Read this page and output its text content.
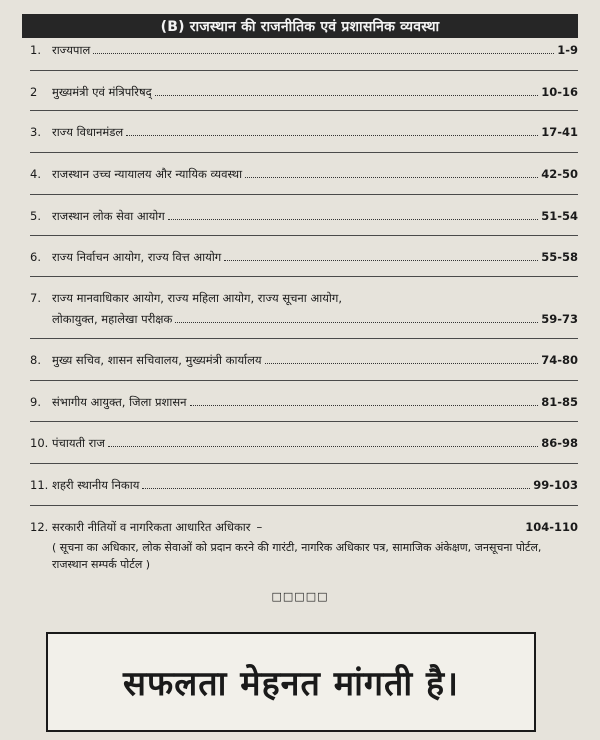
(B) राजस्थान की राजनीतिक एवं प्रशासनिक व्यवस्था
1. राज्यपाल	1-9
2	मुख्यमंत्री एवं मंत्रिपरिषद्	10-16
3. राज्य विधानमंडल	17-41
4. राजस्थान उच्च न्यायालय और न्यायिक व्यवस्था	42-50
5. राजस्थान लोक सेवा आयोग	51-54
6. राज्य निर्वाचन आयोग, राज्य वित्त आयोग	55-58
7. राज्य मानवाधिकार आयोग, राज्य महिला आयोग, राज्य सूचना आयोग,
लोकायुक्त, महालेखा परीक्षक	59-73
8. मुख्य सचिव, शासन सचिवालय, मुख्यमंत्री कार्यालय	74-80
9. संभागीय आयुक्त, जिला प्रशासन	81-85
10. पंचायती राज	86-98
11. शहरी स्थानीय निकाय	99-103
12. सरकारी नीतियों व नागरिकता आधारित अधिकार –	104-110
( सूचना का अधिकार, लोक सेवाओं को प्रदान करने की गारंटी, नागरिक अधिकार पत्र, सामाजिक अंकेक्षण, जनसूचना पोर्टल, राजस्थान सम्पर्क पोर्टल )
□□□□□
सफलता मेहनत मांगती है।
